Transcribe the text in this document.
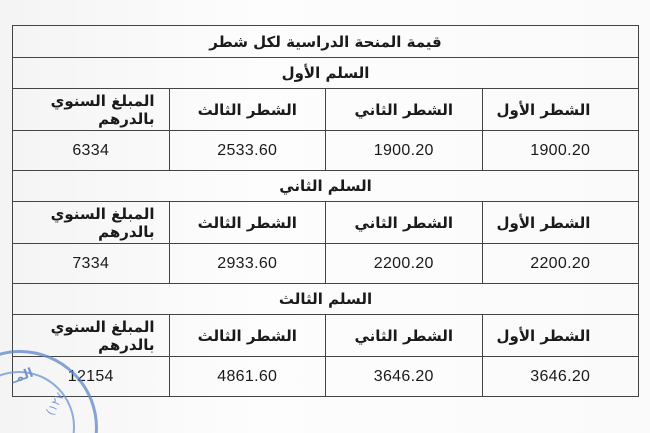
قيمة المنحة الدراسية لكل شطر			
السلم الأول			
الشطر الأول	الشطر الثاني	الشطر الثالث	المبلغ السنوي بالدرهم
1900.20	1900.20	2533.60	6334
السلم الثاني			
الشطر الأول	الشطر الثاني	الشطر الثالث	المبلغ السنوي بالدرهم
2200.20	2200.20	2933.60	7334
السلم الثالث			
الشطر الأول	الشطر الثاني	الشطر الثالث	المبلغ السنوي بالدرهم
3646.20	3646.20	4861.60	12154
المـ
(١٢٧
